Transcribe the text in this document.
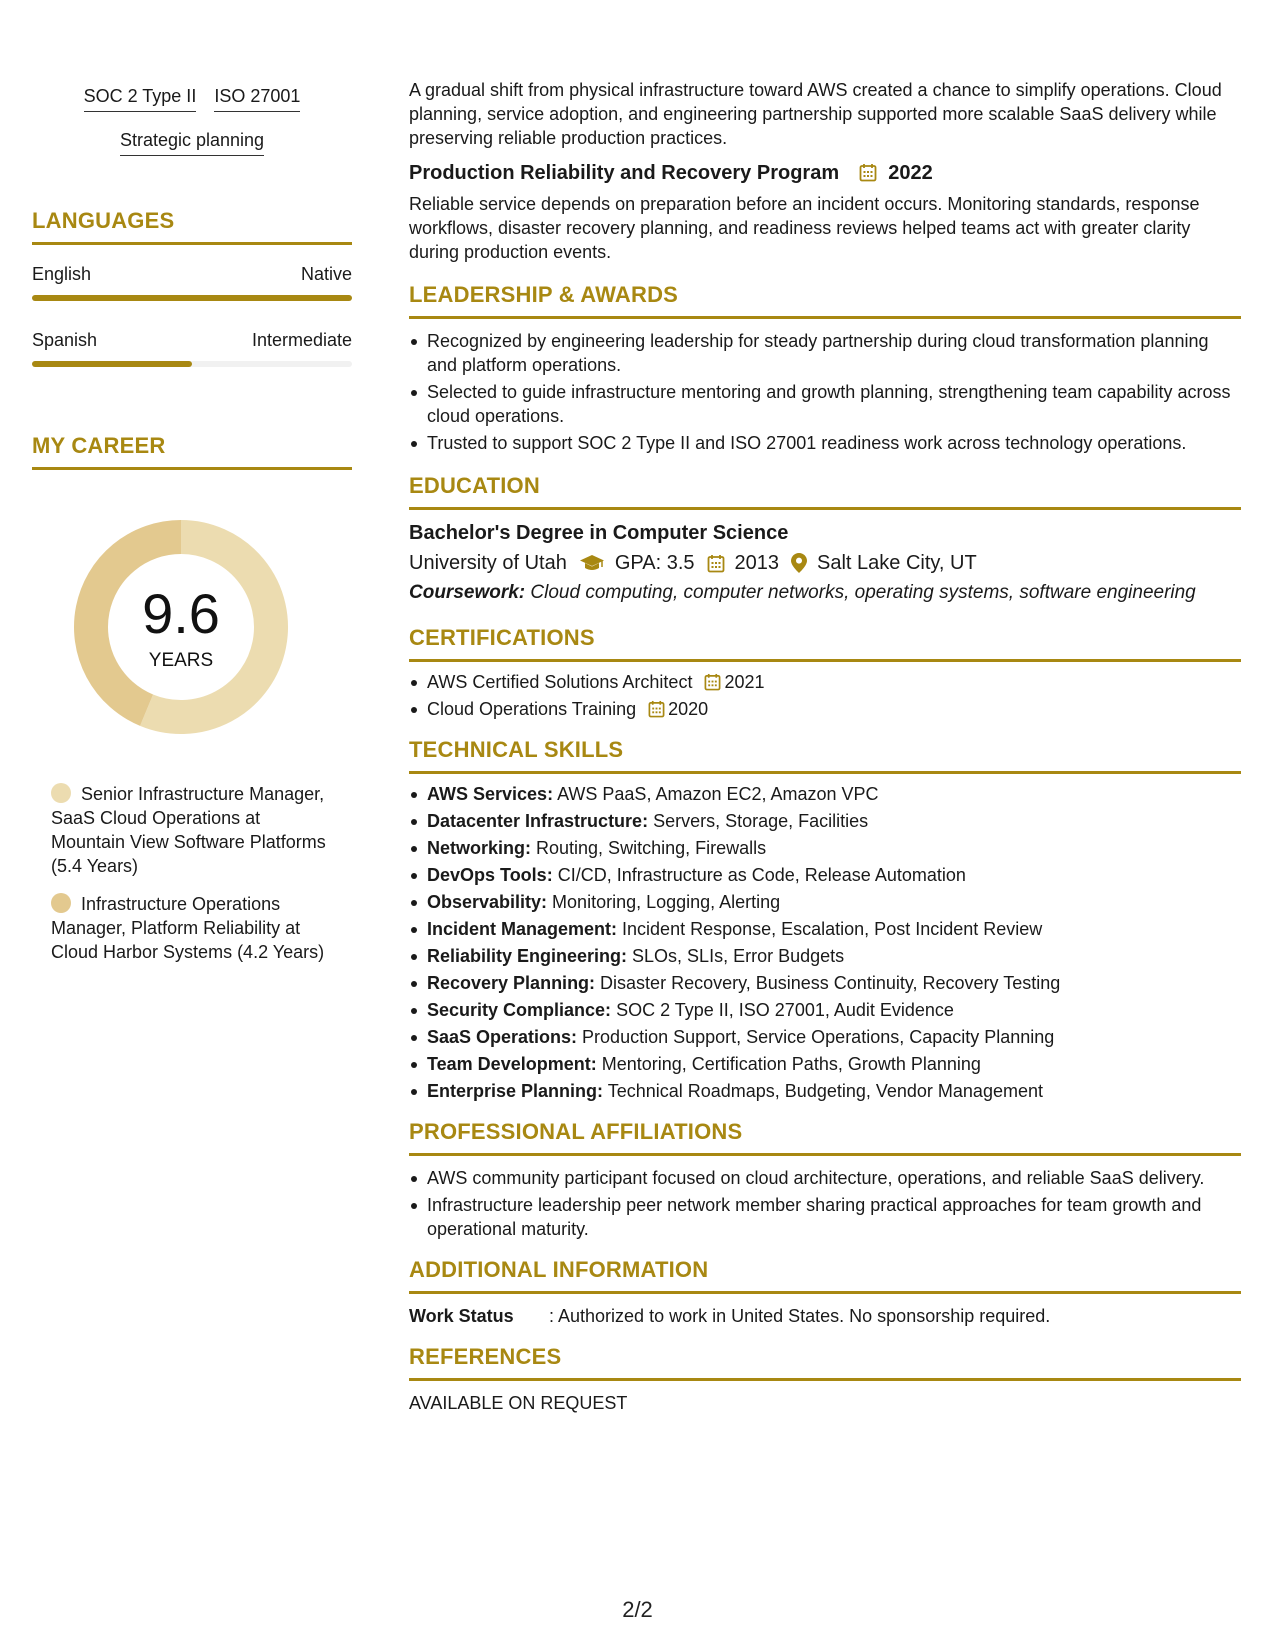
SOC 2 Type II ISO 27001
Strategic planning
LANGUAGES
English	Native
Spanish	Intermediate
MY CAREER
9.6
YEARS
Senior Infrastructure Manager, SaaS Cloud Operations at Mountain View Software Platforms (5.4 Years)
Infrastructure Operations Manager, Platform Reliability at Cloud Harbor Systems (4.2 Years)
A gradual shift from physical infrastructure toward AWS created a chance to simplify operations. Cloud planning, service adoption, and engineering partnership supported more scalable SaaS delivery while preserving reliable production practices.
Production Reliability and Recovery Program 2022
Reliable service depends on preparation before an incident occurs. Monitoring standards, response workflows, disaster recovery planning, and readiness reviews helped teams act with greater clarity during production events.
LEADERSHIP & AWARDS
Recognized by engineering leadership for steady partnership during cloud transformation planning and platform operations.
Selected to guide infrastructure mentoring and growth planning, strengthening team capability across cloud operations.
Trusted to support SOC 2 Type II and ISO 27001 readiness work across technology operations.
EDUCATION
Bachelor's Degree in Computer Science
University of Utah GPA: 3.5 2013 Salt Lake City, UT
Coursework: Cloud computing, computer networks, operating systems, software engineering
CERTIFICATIONS
AWS Certified Solutions Architect 2021
Cloud Operations Training 2020
TECHNICAL SKILLS
AWS Services: AWS PaaS, Amazon EC2, Amazon VPC
Datacenter Infrastructure: Servers, Storage, Facilities
Networking: Routing, Switching, Firewalls
DevOps Tools: CI/CD, Infrastructure as Code, Release Automation
Observability: Monitoring, Logging, Alerting
Incident Management: Incident Response, Escalation, Post Incident Review
Reliability Engineering: SLOs, SLIs, Error Budgets
Recovery Planning: Disaster Recovery, Business Continuity, Recovery Testing
Security Compliance: SOC 2 Type II, ISO 27001, Audit Evidence
SaaS Operations: Production Support, Service Operations, Capacity Planning
Team Development: Mentoring, Certification Paths, Growth Planning
Enterprise Planning: Technical Roadmaps, Budgeting, Vendor Management
PROFESSIONAL AFFILIATIONS
AWS community participant focused on cloud architecture, operations, and reliable SaaS delivery.
Infrastructure leadership peer network member sharing practical approaches for team growth and operational maturity.
ADDITIONAL INFORMATION
Work Status	: Authorized to work in United States. No sponsorship required.
REFERENCES
AVAILABLE ON REQUEST
2/2
